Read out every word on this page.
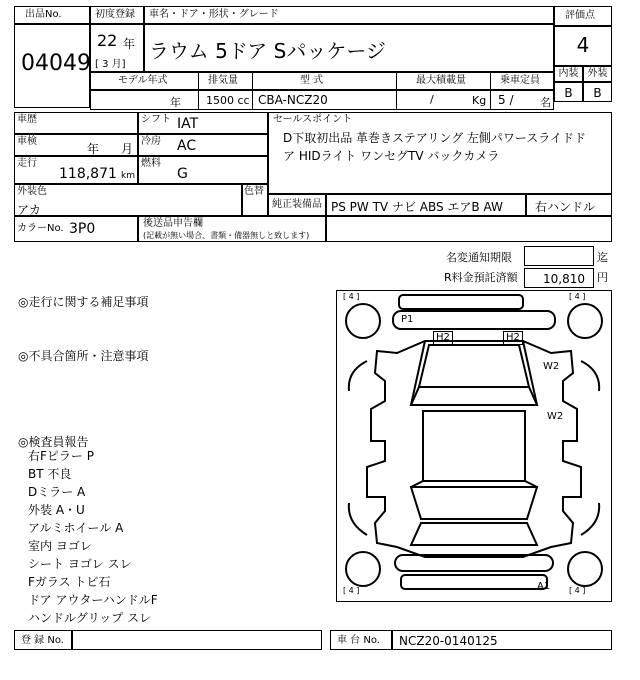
出品No.
04049
初度登録
22 年
[ 3 月]
車名・ドア・形状・グレード
ラウム 5ドア Sパッケージ
評価点
4
内装 外装
B	B
モデル年式	排気量	型 式	最大積載量	乗車定員
年 1500 cc CBA-NCZ20	/	Kg 5 / 名
車歴	シフト IAT
車検
年 月
冷房 AC
走行
118,871 km
燃料
G
セールスポイント
D下取初出品 革巻きステアリング 左側パワースライドド
ア HIDライト ワンセグTV バックカメラ
外装色
アカ
色替
純正装備品 PS PW TV ナビ ABS エアB AW	右ハンドル
カラーNo. 3P0	後送品申告欄
(記載が無い場合、書類・備器無しと致します)
名変通知期限	迄
R料金預託済額 10,810 円
◎走行に関する補足事項
◎不具合箇所・注意事項
◎検査員報告
右Fピラー P
BT 不良
Dミラー A
外装 A・U
アルミホイール A
室内 ヨゴレ
シート ヨゴレ スレ
Fガラス トビ石
ドア アウターハンドルF
ハンドルグリップ スレ
[ 4 ]	[ 4 ]
[ 4 ]	[ 4 ]
P1
H2	H2
W2
W2
A1
登 録 No.	車 台 No. NCZ20-0140125
